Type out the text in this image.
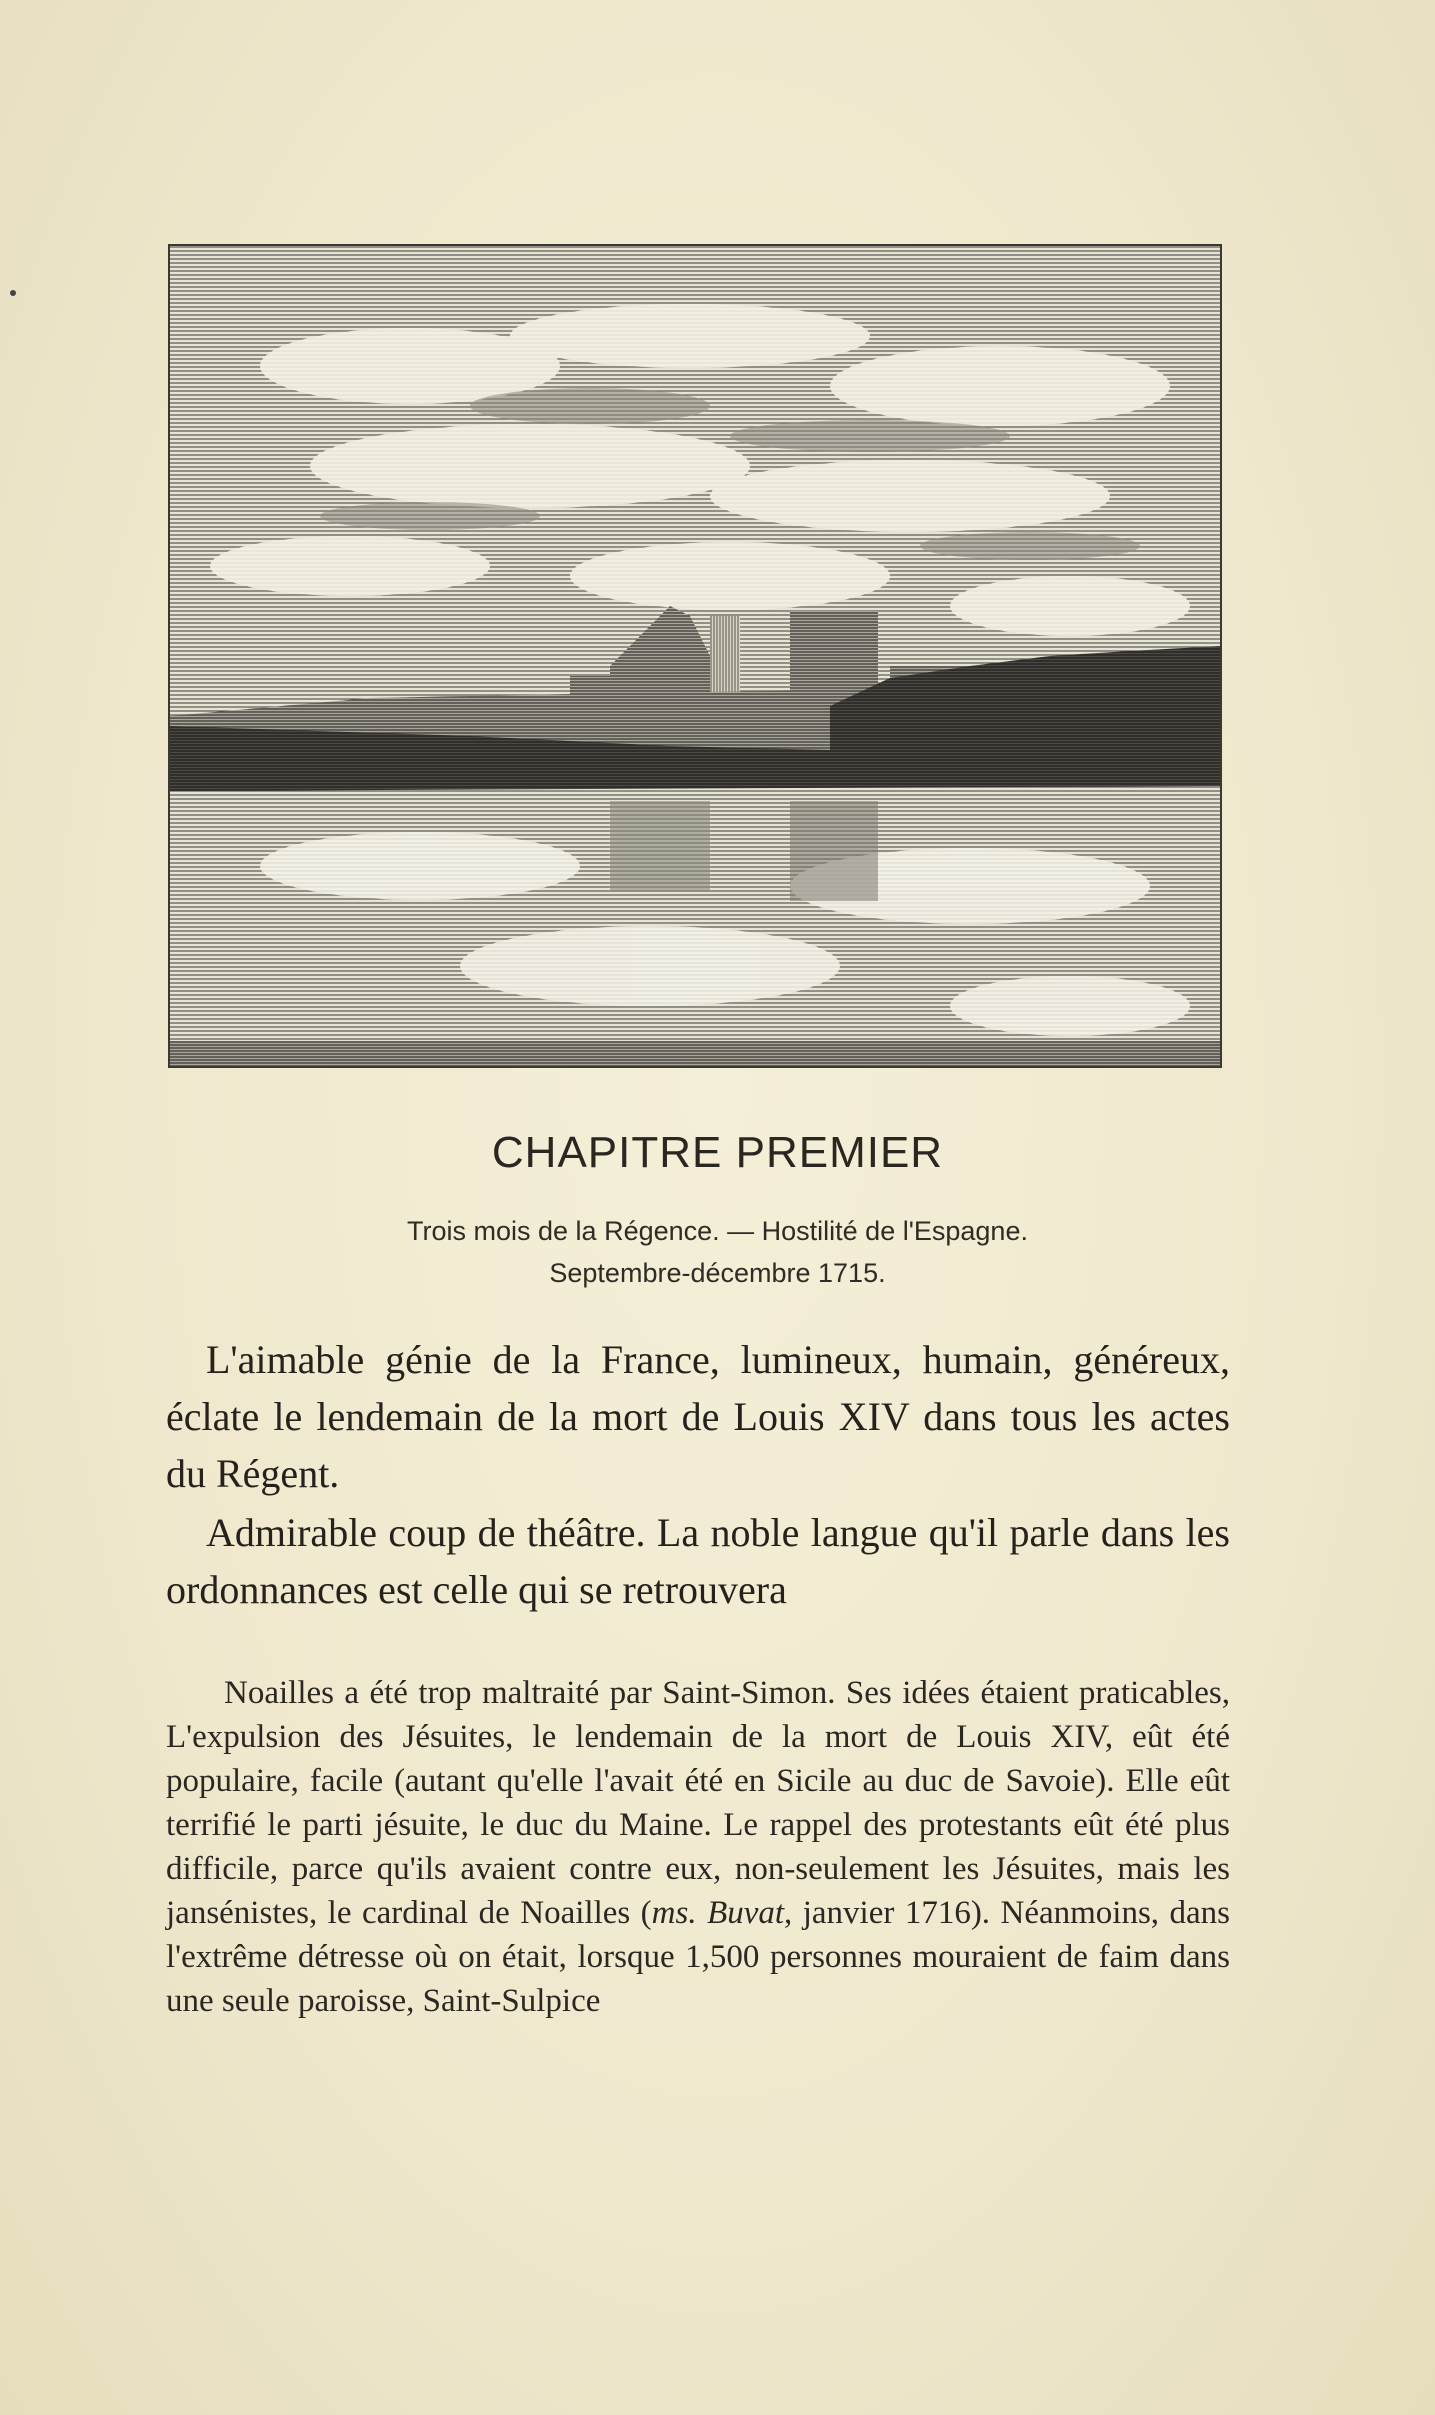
CHAPITRE PREMIER
Trois mois de la Régence. — Hostilité de l'Espagne.
Septembre-décembre 1715.

L'aimable génie de la France, lumineux, humain, généreux, éclate le lendemain de la mort de Louis XIV dans tous les actes du Régent.

Admirable coup de théâtre. La noble langue qu'il parle dans les ordonnances est celle qui se retrouvera

Noailles a été trop maltraité par Saint-Simon. Ses idées étaient praticables, L'expulsion des Jésuites, le lendemain de la mort de Louis XIV, eût été populaire, facile (autant qu'elle l'avait été en Sicile au duc de Savoie). Elle eût terrifié le parti jésuite, le duc du Maine. Le rappel des protestants eût été plus difficile, parce qu'ils avaient contre eux, non-seulement les Jésuites, mais les jansénistes, le cardinal de Noailles (ms. Buvat, janvier 1716). Néanmoins, dans l'extrême détresse où on était, lorsque 1,500 personnes mouraient de faim dans une seule paroisse, Saint-Sulpice
